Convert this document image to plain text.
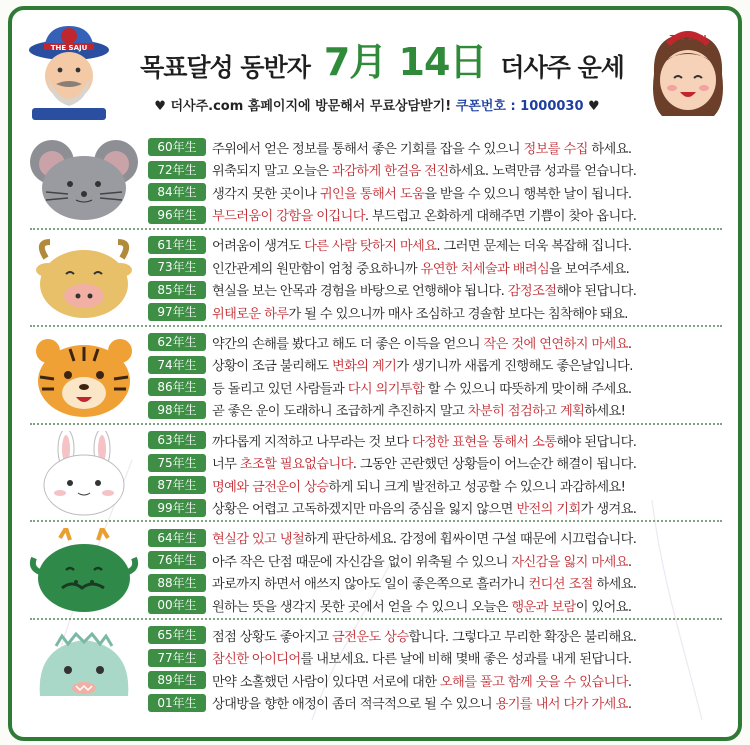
THE SAJU
목표달성 동반자 7月 14日 더사주 운세
♥ 더사주.com 홈페이지에 방문해서 무료상담받기! 쿠폰번호 : 1000030 ♥
THE SAJU
60年生	주위에서 얻은 정보를 통해서 좋은 기회를 잡을 수 있으니 정보를 수집 하세요.
72年生	위축되지 말고 오늘은 과감하게 한걸음 전진하세요. 노력만큼 성과를 얻습니다.
84年生	생각지 못한 곳이나 귀인을 통해서 도움을 받을 수 있으니 행복한 날이 됩니다.
96年生	부드러움이 강함을 이깁니다. 부드럽고 온화하게 대해주면 기쁨이 찾아 옵니다.
61年生	어려움이 생겨도 다른 사람 탓하지 마세요. 그러면 문제는 더욱 복잡해 집니다.
73年生	인간관계의 원만함이 엄청 중요하니까 유연한 처세술과 배려심을 보여주세요.
85年生	현실을 보는 안목과 경험을 바탕으로 언행해야 됩니다. 감정조절해야 된답니다.
97年生	위태로운 하루가 될 수 있으니까 매사 조심하고 경솔함 보다는 침착해야 돼요.
62年生	약간의 손해를 봤다고 해도 더 좋은 이득을 얻으니 작은 것에 연연하지 마세요.
74年生	상황이 조금 불리해도 변화의 계기가 생기니까 새롭게 진행해도 좋은날입니다.
86年生	등 돌리고 있던 사람들과 다시 의기투합 할 수 있으니 따뜻하게 맞이해 주세요.
98年生	곧 좋은 운이 도래하니 조급하게 추진하지 말고 차분히 점검하고 계획하세요!
63年生	까다롭게 지적하고 나무라는 것 보다 다정한 표현을 통해서 소통해야 된답니다.
75年生	너무 초조할 필요없습니다. 그동안 곤란했던 상황들이 어느순간 해결이 됩니다.
87年生	명예와 금전운이 상승하게 되니 크게 발전하고 성공할 수 있으니 과감하세요!
99年生	상황은 어렵고 고독하겠지만 마음의 중심을 잃지 않으면 반전의 기회가 생겨요.
64年生	현실감 있고 냉철하게 판단하세요. 감정에 휩싸이면 구설 때문에 시끄럽습니다.
76年生	아주 작은 단점 때문에 자신감을 없이 위축될 수 있으니 자신감을 잃지 마세요.
88年生	과로까지 하면서 애쓰지 않아도 일이 좋은쪽으로 흘러가니 컨디션 조절 하세요.
00年生	원하는 뜻을 생각지 못한 곳에서 얻을 수 있으니 오늘은 행운과 보람이 있어요.
65年生	점점 상황도 좋아지고 금전운도 상승합니다. 그렇다고 무리한 확장은 불리해요.
77年生	참신한 아이디어를 내보세요. 다른 날에 비해 몇배 좋은 성과를 내게 된답니다.
89年生	만약 소홀했던 사람이 있다면 서로에 대한 오해를 풀고 함께 웃을 수 있습니다.
01年生	상대방을 향한 애정이 좀더 적극적으로 될 수 있으니 용기를 내서 다가 가세요.
